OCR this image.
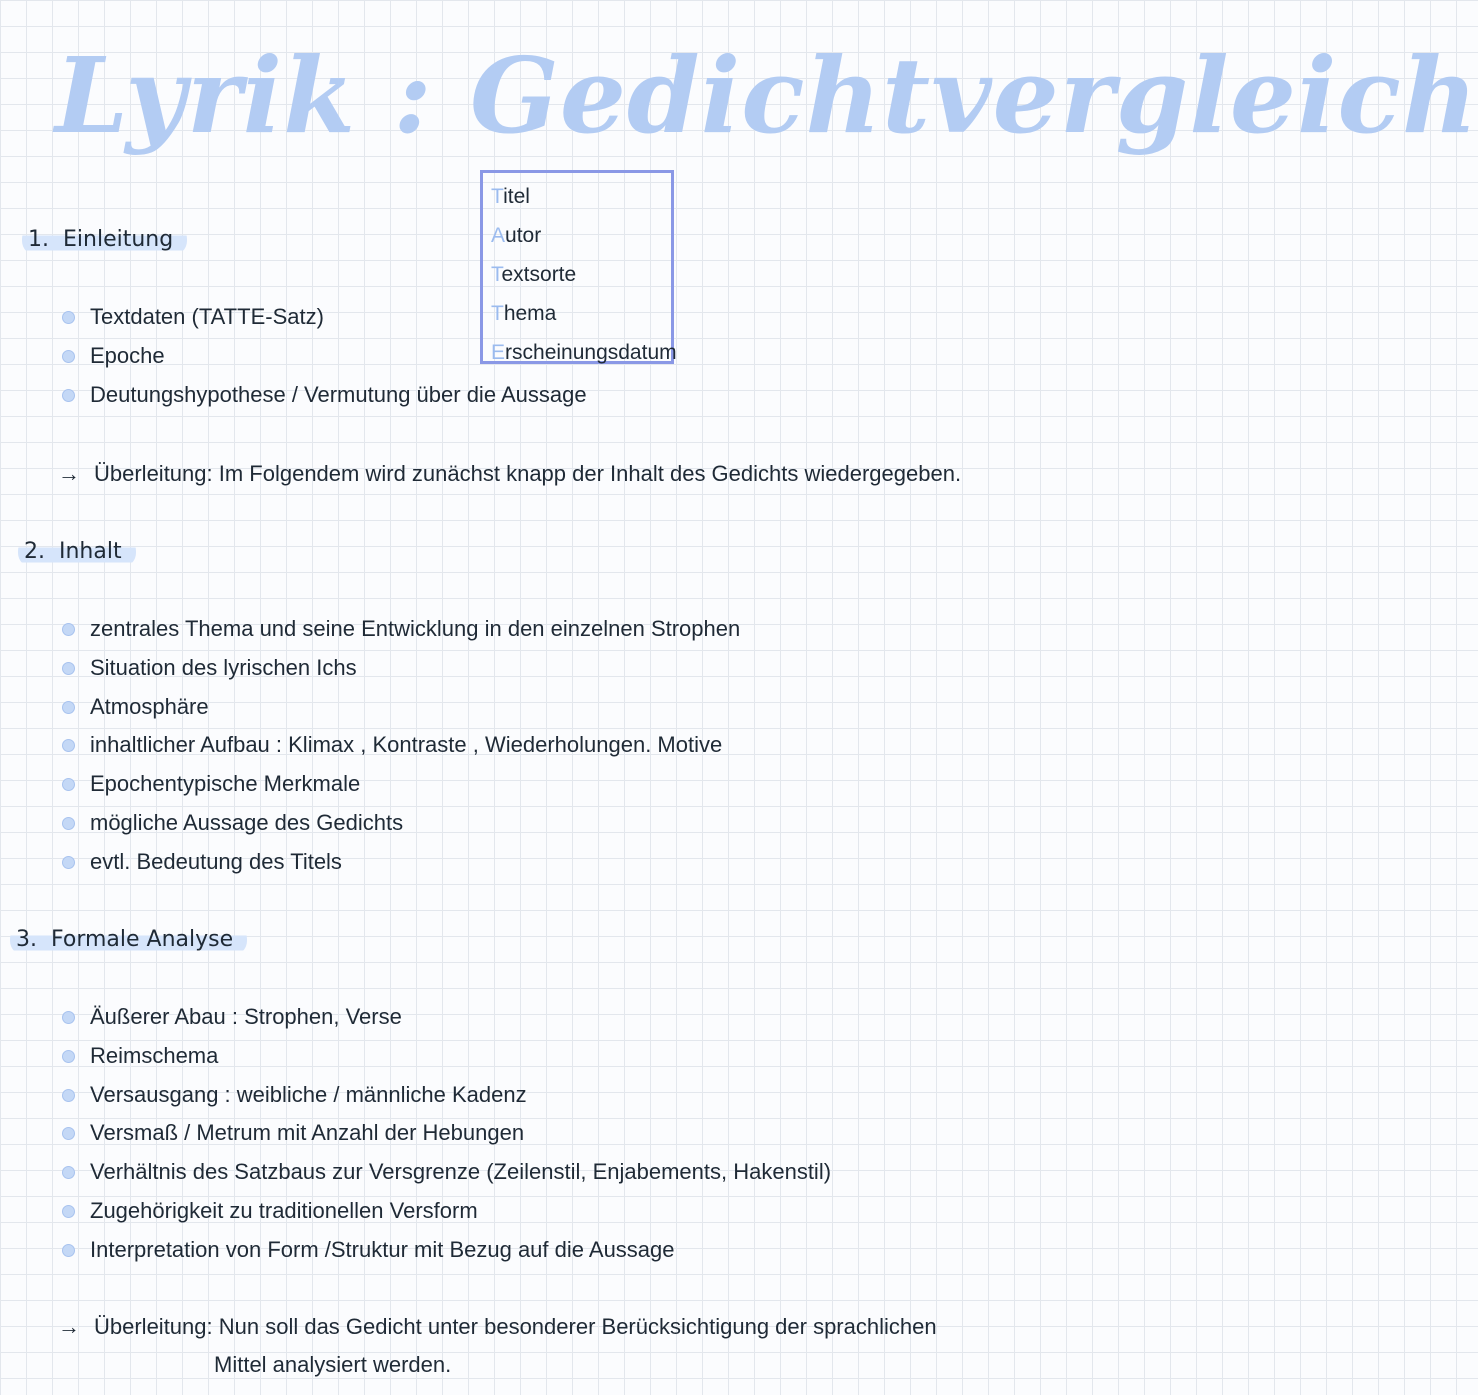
Lyrik : Gedichtvergleich
Titel
Autor
Textsorte
Thema
Erscheinungsdatum
1. Einleitung
Textdaten (TATTE-Satz)
Epoche
Deutungshypothese / Vermutung über die Aussage
→ Überleitung: Im Folgendem wird zunächst knapp der Inhalt des Gedichts wiedergegeben.
2. Inhalt
zentrales Thema und seine Entwicklung in den einzelnen Strophen
Situation des lyrischen Ichs
Atmosphäre
inhaltlicher Aufbau : Klimax , Kontraste , Wiederholungen. Motive
Epochentypische Merkmale
mögliche Aussage des Gedichts
evtl. Bedeutung des Titels
3. Formale Analyse
Äußerer Abau : Strophen, Verse
Reimschema
Versausgang : weibliche / männliche Kadenz
Versmaß / Metrum mit Anzahl der Hebungen
Verhältnis des Satzbaus zur Versgrenze (Zeilenstil, Enjabements, Hakenstil)
Zugehörigkeit zu traditionellen Versform
Interpretation von Form /Struktur mit Bezug auf die Aussage
→ Überleitung: Nun soll das Gedicht unter besonderer Berücksichtigung der sprachlichen
Mittel analysiert werden.
